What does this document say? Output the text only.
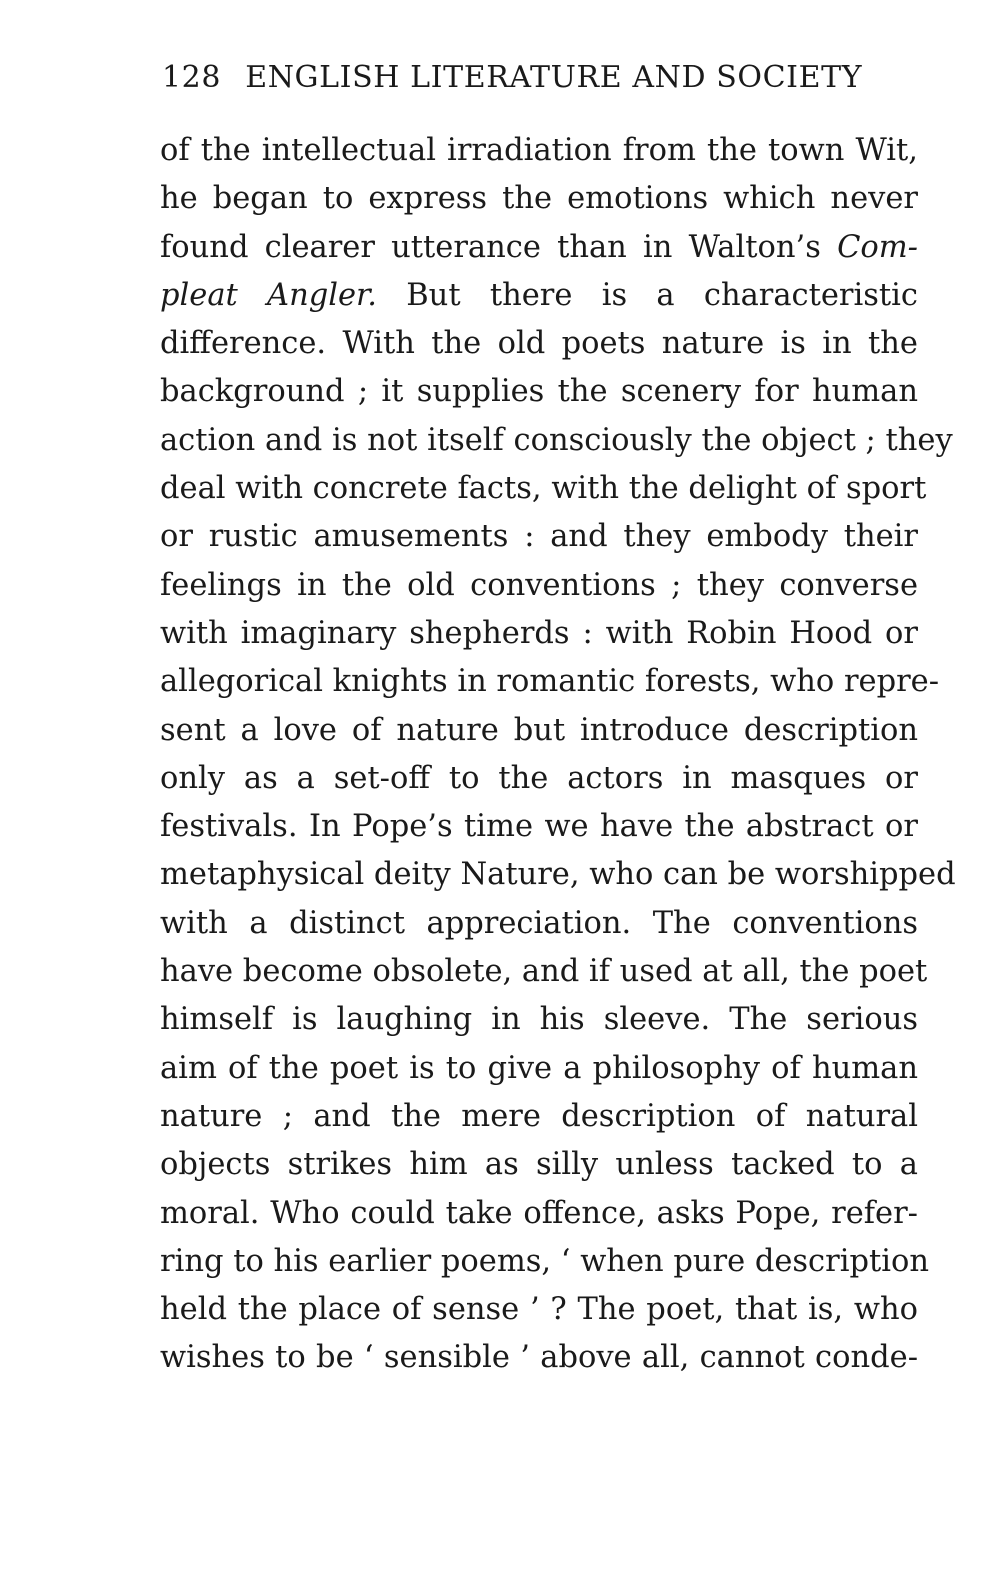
128 ENGLISH LITERATURE AND SOCIETY
of the intellectual irradiation from the town Wit,
he began to express the emotions which never
found clearer utterance than in Walton’s Com-
pleat Angler. But there is a characteristic
difference. With the old poets nature is in the
background ; it supplies the scenery for human
action and is not itself consciously the object ; they
deal with concrete facts, with the delight of sport
or rustic amusements : and they embody their
feelings in the old conventions ; they converse
with imaginary shepherds : with Robin Hood or
allegorical knights in romantic forests, who repre-
sent a love of nature but introduce description
only as a set-off to the actors in masques or
festivals. In Pope’s time we have the abstract or
metaphysical deity Nature, who can be worshipped
with a distinct appreciation. The conventions
have become obsolete, and if used at all, the poet
himself is laughing in his sleeve. The serious
aim of the poet is to give a philosophy of human
nature ; and the mere description of natural
objects strikes him as silly unless tacked to a
moral. Who could take offence, asks Pope, refer-
ring to his earlier poems, ‘ when pure description
held the place of sense ’ ? The poet, that is, who
wishes to be ‘ sensible ’ above all, cannot conde-
